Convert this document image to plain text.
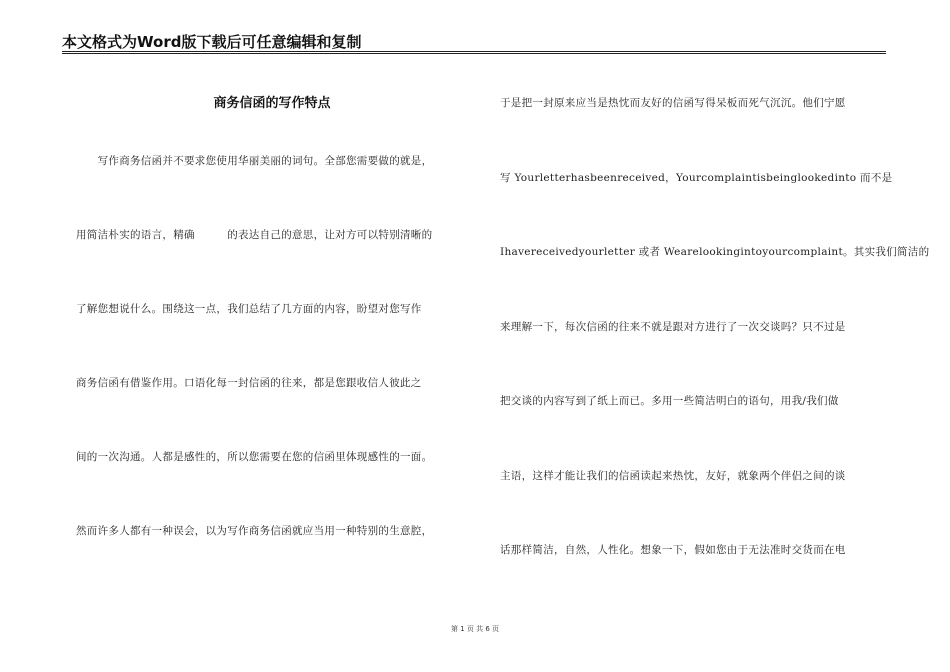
本文格式为Word版下载后可任意编辑和复制
商务信函的写作特点
　　写作商务信函并不要求您使用华丽美丽的词句。全部您需要做的就是，
用简洁朴实的语言，精确　　　的表达自己的意思，让对方可以特别清晰的
了解您想说什么。围绕这一点，我们总结了几方面的内容，盼望对您写作
商务信函有借鉴作用。口语化每一封信函的往来，都是您跟收信人彼此之
间的一次沟通。人都是感性的，所以您需要在您的信函里体现感性的一面。
然而许多人都有一种误会，以为写作商务信函就应当用一种特别的生意腔，
于是把一封原来应当是热忱而友好的信函写得呆板而死气沉沉。他们宁愿
写 Yourletterhasbeenreceived，Yourcomplaintisbeinglookedinto 而不是
Ihavereceivedyourletter 或者 Wearelookingintoyourcomplaint。其实我们简洁的
来理解一下，每次信函的往来不就是跟对方进行了一次交谈吗？只不过是
把交谈的内容写到了纸上而已。多用一些简洁明白的语句，用我/我们做
主语，这样才能让我们的信函读起来热忱，友好，就象两个伴侣之间的谈
话那样简洁，自然，人性化。想象一下，假如您由于无法准时交货而在电
第 1 页 共 6 页
